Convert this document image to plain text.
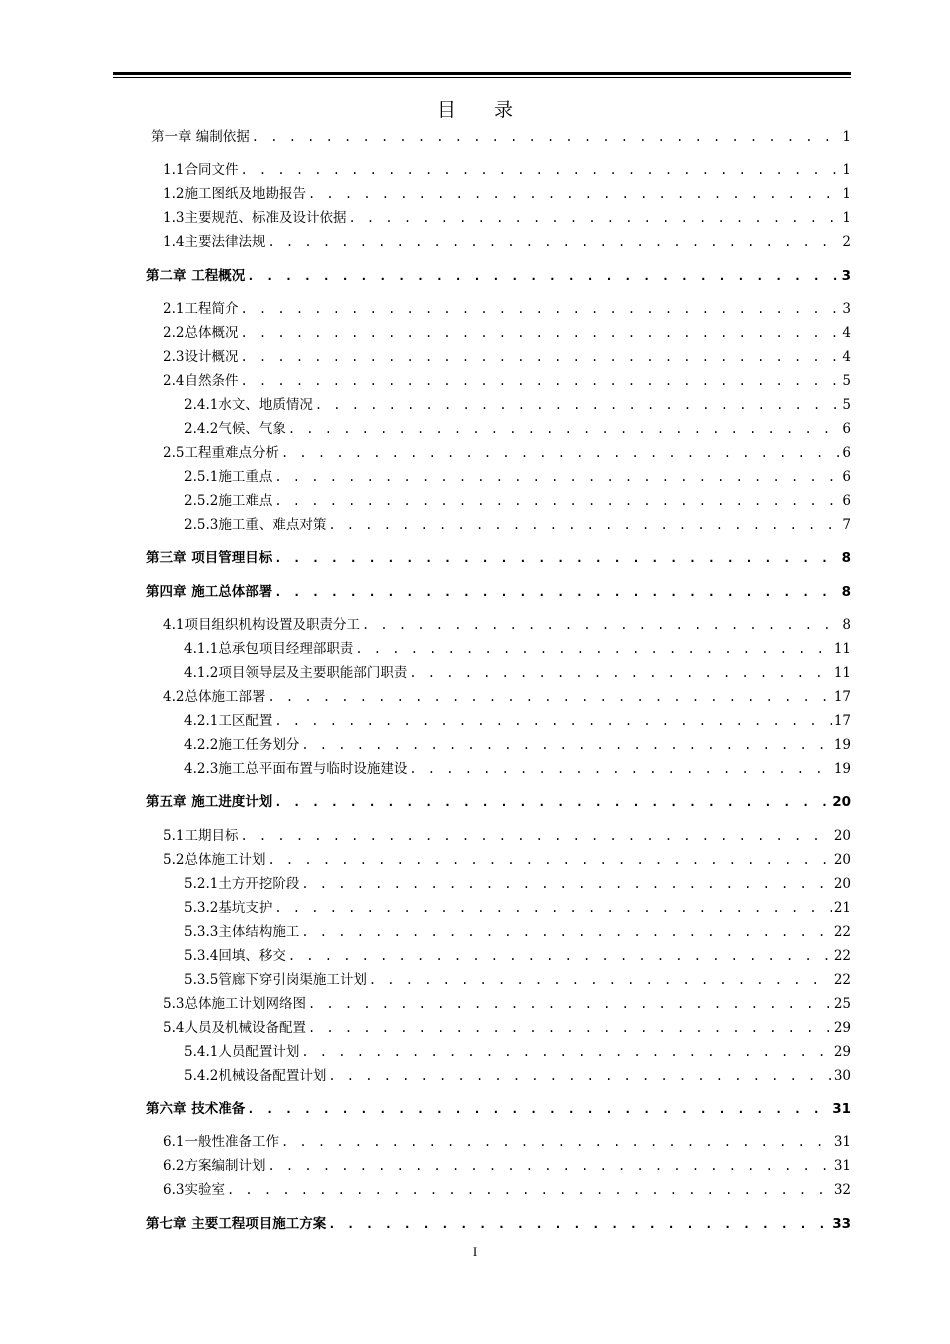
目　　录
第一章 编制依据 . . .	1
1.1合同文件 . . .	1
1.2施工图纸及地勘报告 . . .	1
1.3主要规范、标准及设计依据 . . .	1
1.4主要法律法规 . . .	2
第二章 工程概况 . . .	3
2.1工程简介 . . .	3
2.2总体概况 . . .	4
2.3设计概况 . . .	4
2.4自然条件 . . .	5
2.4.1水文、地质情况 . . .	5
2.4.2气候、气象 . . .	6
2.5工程重难点分析 . . .	6
2.5.1施工重点 . . .	6
2.5.2施工难点 . . .	6
2.5.3施工重、难点对策 . . .	7
第三章 项目管理目标 . . .	8
第四章 施工总体部署 . . .	8
4.1项目组织机构设置及职责分工 . . .	8
4.1.1总承包项目经理部职责 . . .	11
4.1.2项目领导层及主要职能部门职责 . . .	11
4.2总体施工部署 . . .	17
4.2.1工区配置 . . .	17
4.2.2施工任务划分 . . .	19
4.2.3施工总平面布置与临时设施建设 . . .	19
第五章 施工进度计划 . . .	20
5.1工期目标 . . .	20
5.2总体施工计划 . . .	20
5.2.1土方开挖阶段 . . .	20
5.3.2基坑支护 . . .	21
5.3.3主体结构施工 . . .	22
5.3.4回填、移交 . . .	22
5.3.5管廊下穿引岗渠施工计划 . . .	22
5.3总体施工计划网络图 . . .	25
5.4人员及机械设备配置 . . .	29
5.4.1人员配置计划 . . .	29
5.4.2机械设备配置计划 . . .	30
第六章 技术准备 . . .	31
6.1一般性准备工作 . . .	31
6.2方案编制计划 . . .	31
6.3实验室 . . .	32
第七章 主要工程项目施工方案 . . .	33
I
